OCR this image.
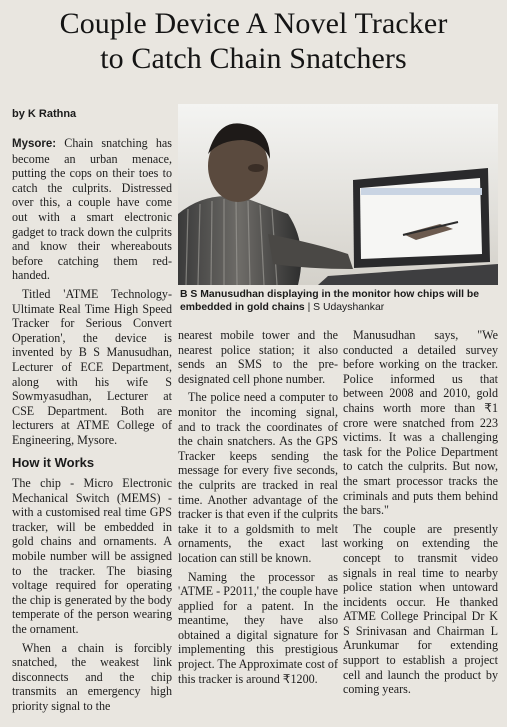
Couple Device A Novel Tracker
to Catch Chain Snatchers
by K Rathna

Mysore: Chain snatching has become an urban menace, putting the cops on their toes to catch the culprits. Distressed over this, a couple have come out with a smart electronic gadget to track down the culprits and know their whereabouts before catching them red-handed.

Titled 'ATME Technology-Ultimate Real Time High Speed Tracker for Serious Convert Operation', the device is invented by B S Manusudhan, Lecturer of ECE Department, along with his wife S Sowmyasudhan, Lecturer at CSE Department. Both are lecturers at ATME College of Engineering, Mysore.

How it Works

The chip - Micro Electronic Mechanical Switch (MEMS) - with a customised real time GPS tracker, will be embedded in gold chains and ornaments. A mobile number will be assigned to the tracker. The biasing voltage required for operating the chip is generated by the body temperate of the person wearing the ornament.

When a chain is forcibly snatched, the weakest link disconnects and the chip transmits an emergency high priority signal to the

B S Manusudhan displaying in the monitor how chips will be embedded in gold chains | S Udayshankar

nearest mobile tower and the nearest police station; it also sends an SMS to the pre-designated cell phone number.

The police need a computer to monitor the incoming signal, and to track the coordinates of the chain snatchers. As the GPS Tracker keeps sending the message for every five seconds, the culprits are tracked in real time. Another advantage of the tracker is that even if the culprits take it to a goldsmith to melt ornaments, the exact last location can still be known.

Naming the processor as 'ATME - P2011,' the couple have applied for a patent. In the meantime, they have also obtained a digital signature for implementing this prestigious project. The Approximate cost of this tracker is around ₹1200.

Manusudhan says, "We conducted a detailed survey before working on the tracker. Police informed us that between 2008 and 2010, gold chains worth more than ₹1 crore were snatched from 223 victims. It was a challenging task for the Police Department to catch the culprits. But now, the smart processor tracks the criminals and puts them behind the bars."

The couple are presently working on extending the concept to transmit video signals in real time to nearby police station when untoward incidents occur. He thanked ATME College Principal Dr K S Srinivasan and Chairman L Arunkumar for extending support to establish a project cell and launch the product by coming years.
